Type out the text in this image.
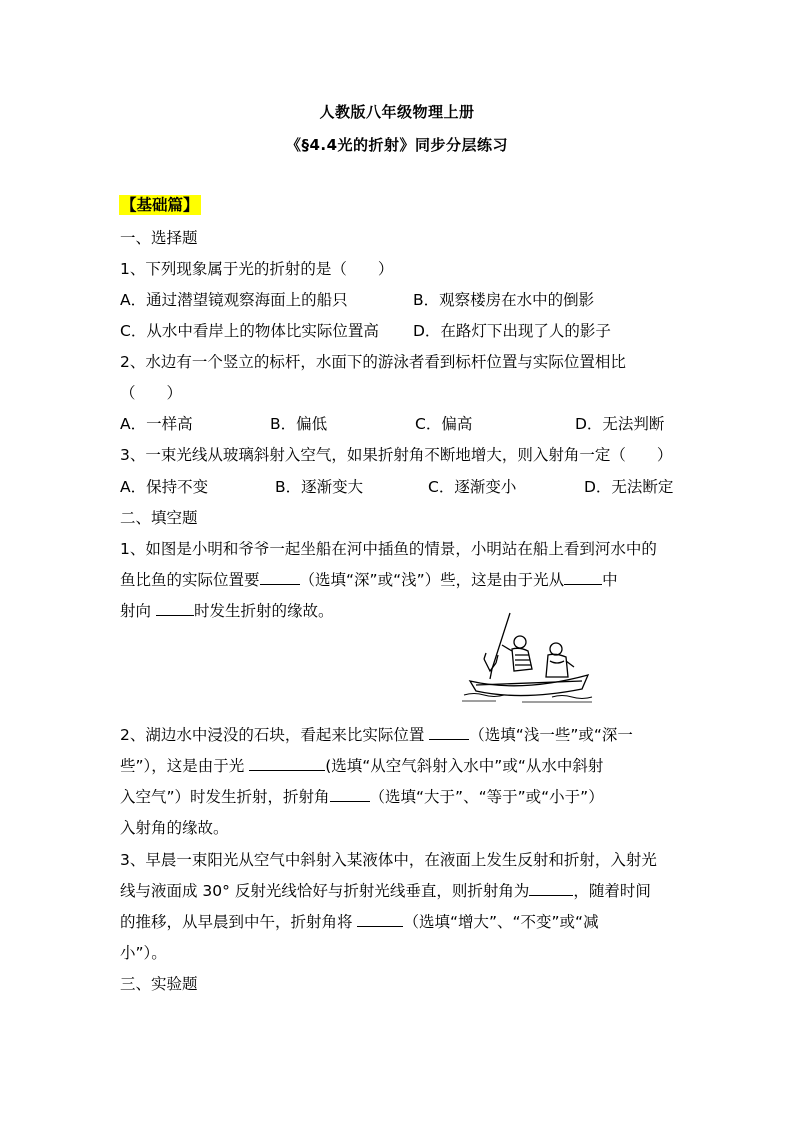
人教版八年级物理上册
《§4.4光的折射》同步分层练习
【基础篇】
一、选择题
1、下列现象属于光的折射的是（　　）
A．通过潜望镜观察海面上的船只	B．观察楼房在水中的倒影
C．从水中看岸上的物体比实际位置高 D．在路灯下出现了人的影子
2、水边有一个竖立的标杆，水面下的游泳者看到标杆位置与实际位置相比
（　　）
A．一样高	B．偏低	C．偏高	D．无法判断
3、一束光线从玻璃斜射入空气，如果折射角不断地增大，则入射角一定（　　）
A．保持不变	B．逐渐变大	C．逐渐变小	D．无法断定
二、填空题
1、如图是小明和爷爷一起坐船在河中插鱼的情景，小明站在船上看到河水中的
鱼比鱼的实际位置要	（选填“深”或“浅”）些，这是由于光从 中
射向 时发生折射的缘故。
2、湖边水中浸没的石块，看起来比实际位置	（选填“浅一些”或“深一
些”），这是由于光	(选填“从空气斜射入水中”或“从水中斜射
入空气”）时发生折射，折射角	（选填“大于”、“等于”或“小于”）
入射角的缘故。
3、早晨一束阳光从空气中斜射入某液体中，在液面上发生反射和折射，入射光
线与液面成 30° 反射光线恰好与折射光线垂直，则折射角为	，随着时间
的推移，从早晨到中午，折射角将	（选填“增大”、“不变”或“减
小”）。
三、实验题
